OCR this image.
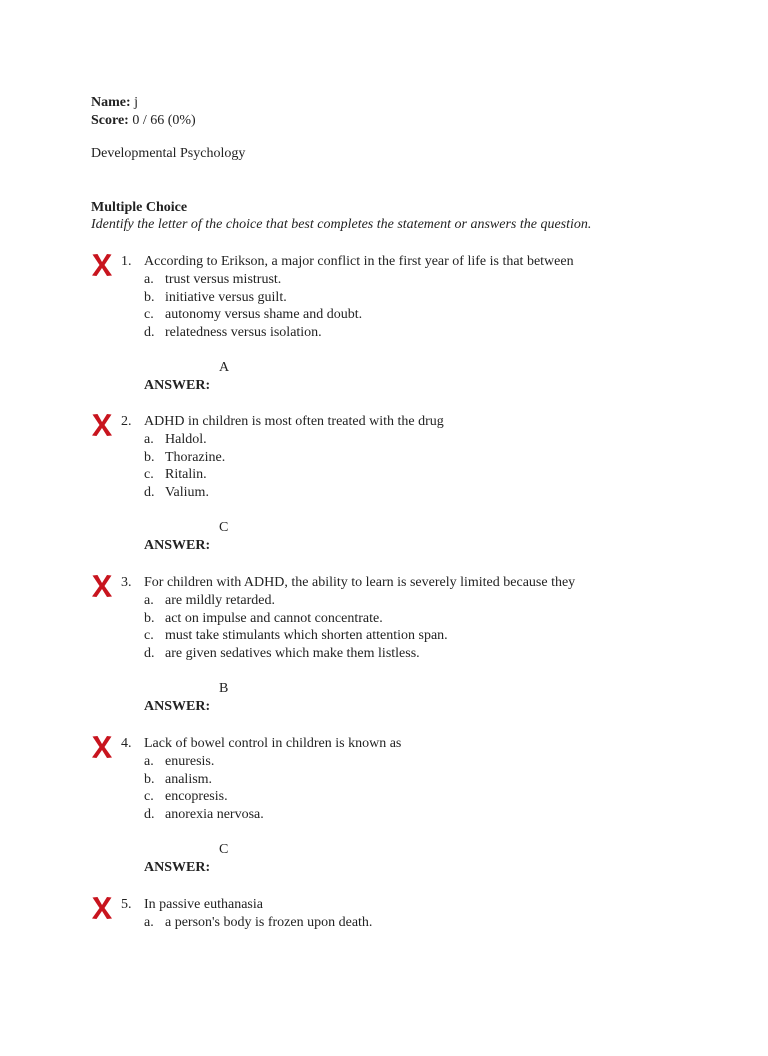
Name: j
Score: 0 / 66 (0%)
Developmental Psychology
Multiple Choice
Identify the letter of the choice that best completes the statement or answers the question.
1. According to Erikson, a major conflict in the first year of life is that between
a. trust versus mistrust.
b. initiative versus guilt.
c. autonomy versus shame and doubt.
d. relatedness versus isolation.
A
ANSWER:
2. ADHD in children is most often treated with the drug
a. Haldol.
b. Thorazine.
c. Ritalin.
d. Valium.
C
ANSWER:
3. For children with ADHD, the ability to learn is severely limited because they
a. are mildly retarded.
b. act on impulse and cannot concentrate.
c. must take stimulants which shorten attention span.
d. are given sedatives which make them listless.
B
ANSWER:
4. Lack of bowel control in children is known as
a. enuresis.
b. analism.
c. encopresis.
d. anorexia nervosa.
C
ANSWER:
5. In passive euthanasia
a. a person's body is frozen upon death.
